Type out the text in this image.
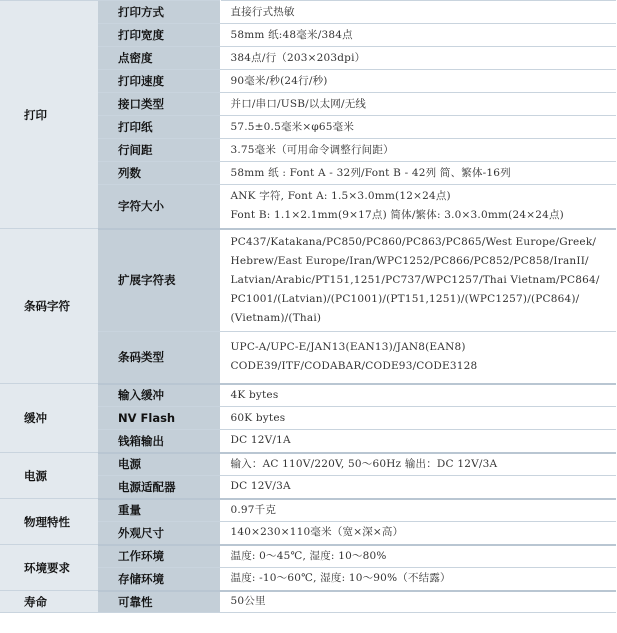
打印	打印方式	直接行式热敏
	打印宽度	58mm 纸:48毫米/384点
	点密度	384点/行（203×203dpi）
	打印速度	90毫米/秒(24行/秒)
	接口类型	并口/串口/USB/以太网/无线
	打印纸	57.5±0.5毫米×φ65毫米
	行间距	3.75毫米（可用命令调整行间距）
	列数	58mm 纸 : Font A - 32列/Font B - 42列 简、繁体-16列
	字符大小	ANK 字符, Font A: 1.5×3.0mm(12×24点)
Font B: 1.1×2.1mm(9×17点) 简体/繁体: 3.0×3.0mm(24×24点)
条码字符	扩展字符表	PC437/Katakana/PC850/PC860/PC863/PC865/West Europe/Greek/
Hebrew/East Europe/Iran/WPC1252/PC866/PC852/PC858/IranII/
Latvian/Arabic/PT151,1251/PC737/WPC1257/Thai Vietnam/PC864/
PC1001/(Latvian)/(PC1001)/(PT151,1251)/(WPC1257)/(PC864)/
(Vietnam)/(Thai)
	条码类型	UPC-A/UPC-E/JAN13(EAN13)/JAN8(EAN8)
CODE39/ITF/CODABAR/CODE93/CODE3128
缓冲	输入缓冲	4K bytes
	NV Flash	60K bytes
	钱箱输出	DC 12V/1A
电源	电源	输入：AC 110V/220V, 50～60Hz 输出：DC 12V/3A
	电源适配器	DC 12V/3A
物理特性	重量	0.97千克
	外观尺寸	140×230×110毫米（宽×深×高）
环境要求	工作环境	温度: 0～45℃, 湿度: 10～80%
	存储环境	温度: -10～60℃, 湿度: 10～90%（不结露）
寿命	可靠性	50公里
